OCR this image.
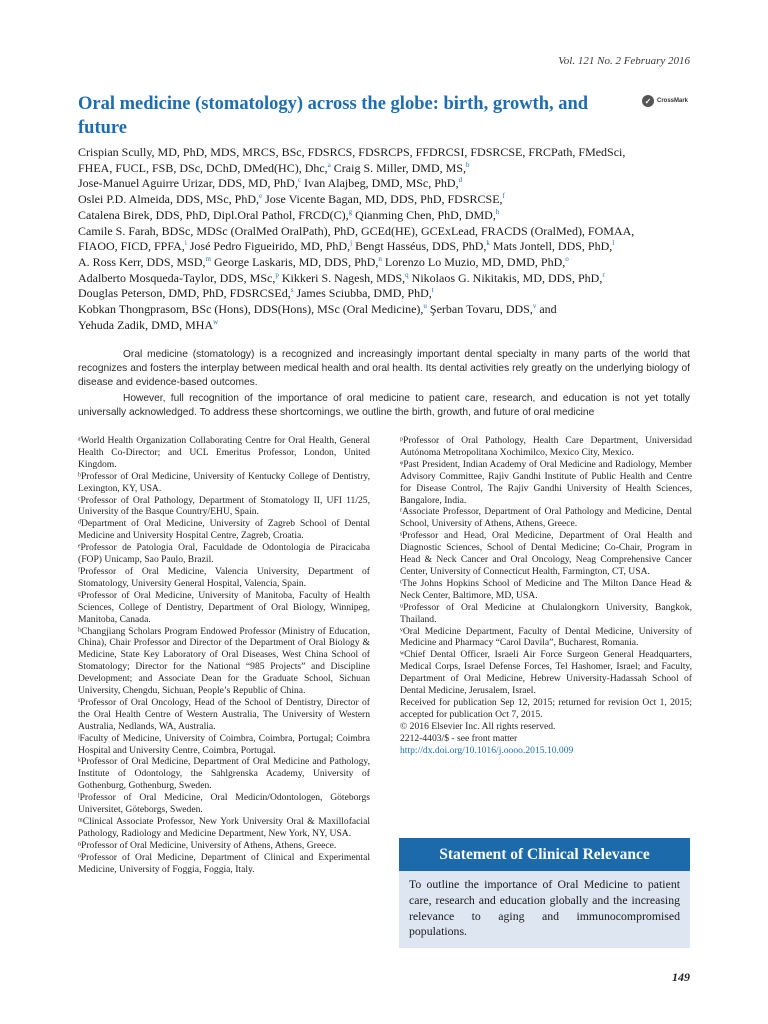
Vol. 121 No. 2 February 2016
Oral medicine (stomatology) across the globe: birth, growth, and future
✓ CrossMark
Crispian Scully, MD, PhD, MDS, MRCS, BSc, FDSRCS, FDSRCPS, FFDRCSI, FDSRCSE, FRCPath, FMedSci,
FHEA, FUCL, FSB, DSc, DChD, DMed(HC), Dhc,$^a$ Craig S. Miller, DMD, MS,$^b$
Jose-Manuel Aguirre Urizar, DDS, MD, PhD,$^c$ Ivan Alajbeg, DMD, MSc, PhD,$^d$
Oslei P.D. Almeida, DDS, MSc, PhD,$^e$ Jose Vicente Bagan, MD, DDS, PhD, FDSRCSE,$^f$
Catalena Birek, DDS, PhD, Dipl.Oral Pathol, FRCD(C),$^g$ Qianming Chen, PhD, DMD,$^h$
Camile S. Farah, BDSc, MDSc (OralMed OralPath), PhD, GCEd(HE), GCExLead, FRACDS (OralMed), FOMAA,
FIAOO, FICD, FPFA,$^i$ José Pedro Figueirido, MD, PhD,$^j$ Bengt Hasséus, DDS, PhD,$^k$ Mats Jontell, DDS, PhD,$^l$
A. Ross Kerr, DDS, MSD,$^m$ George Laskaris, MD, DDS, PhD,$^n$ Lorenzo Lo Muzio, MD, DMD, PhD,$^o$
Adalberto Mosqueda-Taylor, DDS, MSc,$^p$ Kikkeri S. Nagesh, MDS,$^q$ Nikolaos G. Nikitakis, MD, DDS, PhD,$^r$
Douglas Peterson, DMD, PhD, FDSRCSEd,$^s$ James Sciubba, DMD, PhD,$^t$
Kobkan Thongprasom, BSc (Hons), DDS(Hons), MSc (Oral Medicine),$^u$ Şerban Tovaru, DDS,$^v$ and
Yehuda Zadik, DMD, MHA$^w$

Oral medicine (stomatology) is a recognized and increasingly important dental specialty in many parts of the world that recognizes and fosters the interplay between medical health and oral health. Its dental activities rely greatly on the underlying biology of disease and evidence-based outcomes.

However, full recognition of the importance of oral medicine to patient care, research, and education is not yet totally universally acknowledged. To address these shortcomings, we outline the birth, growth, and future of oral medicine

ᵃWorld Health Organization Collaborating Centre for Oral Health, General Health Co-Director; and UCL Emeritus Professor, London, United Kingdom.

ᵇProfessor of Oral Medicine, University of Kentucky College of Dentistry, Lexington, KY, USA.

ᶜProfessor of Oral Pathology, Department of Stomatology II, UFI 11/25, University of the Basque Country/EHU, Spain.

ᵈDepartment of Oral Medicine, University of Zagreb School of Dental Medicine and University Hospital Centre, Zagreb, Croatia.

ᵉProfessor de Patologia Oral, Faculdade de Odontologia de Piracicaba (FOP) Unicamp, Sao Paulo, Brazil.

ᶠProfessor of Oral Medicine, Valencia University, Department of Stomatology, University General Hospital, Valencia, Spain.

ᵍProfessor of Oral Medicine, University of Manitoba, Faculty of Health Sciences, College of Dentistry, Department of Oral Biology, Winnipeg, Manitoba, Canada.

ʰChangjiang Scholars Program Endowed Professor (Ministry of Education, China), Chair Professor and Director of the Department of Oral Biology & Medicine, State Key Laboratory of Oral Diseases, West China School of Stomatology; Director for the National “985 Projects” and Discipline Development; and Associate Dean for the Graduate School, Sichuan University, Chengdu, Sichuan, People’s Republic of China.

ⁱProfessor of Oral Oncology, Head of the School of Dentistry, Director of the Oral Health Centre of Western Australia, The University of Western Australia, Nedlands, WA, Australia.

ʲFaculty of Medicine, University of Coimbra, Coimbra, Portugal; Coimbra Hospital and University Centre, Coimbra, Portugal.

ᵏProfessor of Oral Medicine, Department of Oral Medicine and Pathology, Institute of Odontology, the Sahlgrenska Academy, University of Gothenburg, Gothenburg, Sweden.

ˡProfessor of Oral Medicine, Oral Medicin/Odontologen, Göteborgs Universitet, Göteborgs, Sweden.

ᵐClinical Associate Professor, New York University Oral & Maxillofacial Pathology, Radiology and Medicine Department, New York, NY, USA.

ⁿProfessor of Oral Medicine, University of Athens, Athens, Greece.

ᵒProfessor of Oral Medicine, Department of Clinical and Experimental Medicine, University of Foggia, Foggia, Italy.

ᵖProfessor of Oral Pathology, Health Care Department, Universidad Autónoma Metropolitana Xochimilco, Mexico City, Mexico.

ᵠPast President, Indian Academy of Oral Medicine and Radiology, Member Advisory Committee, Rajiv Gandhi Institute of Public Health and Centre for Disease Control, The Rajiv Gandhi University of Health Sciences, Bangalore, India.

ʳAssociate Professor, Department of Oral Pathology and Medicine, Dental School, University of Athens, Athens, Greece.

ˢProfessor and Head, Oral Medicine, Department of Oral Health and Diagnostic Sciences, School of Dental Medicine; Co-Chair, Program in Head & Neck Cancer and Oral Oncology, Neag Comprehensive Cancer Center, University of Connecticut Health, Farmington, CT, USA.

ᵗThe Johns Hopkins School of Medicine and The Milton Dance Head & Neck Center, Baltimore, MD, USA.

ᵘProfessor of Oral Medicine at Chulalongkorn University, Bangkok, Thailand.

ᵛOral Medicine Department, Faculty of Dental Medicine, University of Medicine and Pharmacy “Carol Davila”, Bucharest, Romania.

ʷChief Dental Officer, Israeli Air Force Surgeon General Headquarters, Medical Corps, Israel Defense Forces, Tel Hashomer, Israel; and Faculty, Department of Oral Medicine, Hebrew University-Hadassah School of Dental Medicine, Jerusalem, Israel.

Received for publication Sep 12, 2015; returned for revision Oct 1, 2015; accepted for publication Oct 7, 2015.

© 2016 Elsevier Inc. All rights reserved.

2212-4403/$ - see front matter

http://dx.doi.org/10.1016/j.oooo.2015.10.009

Statement of Clinical Relevance
To outline the importance of Oral Medicine to patient care, research and education globally and the increasing relevance to aging and immunocompromised populations.
149
